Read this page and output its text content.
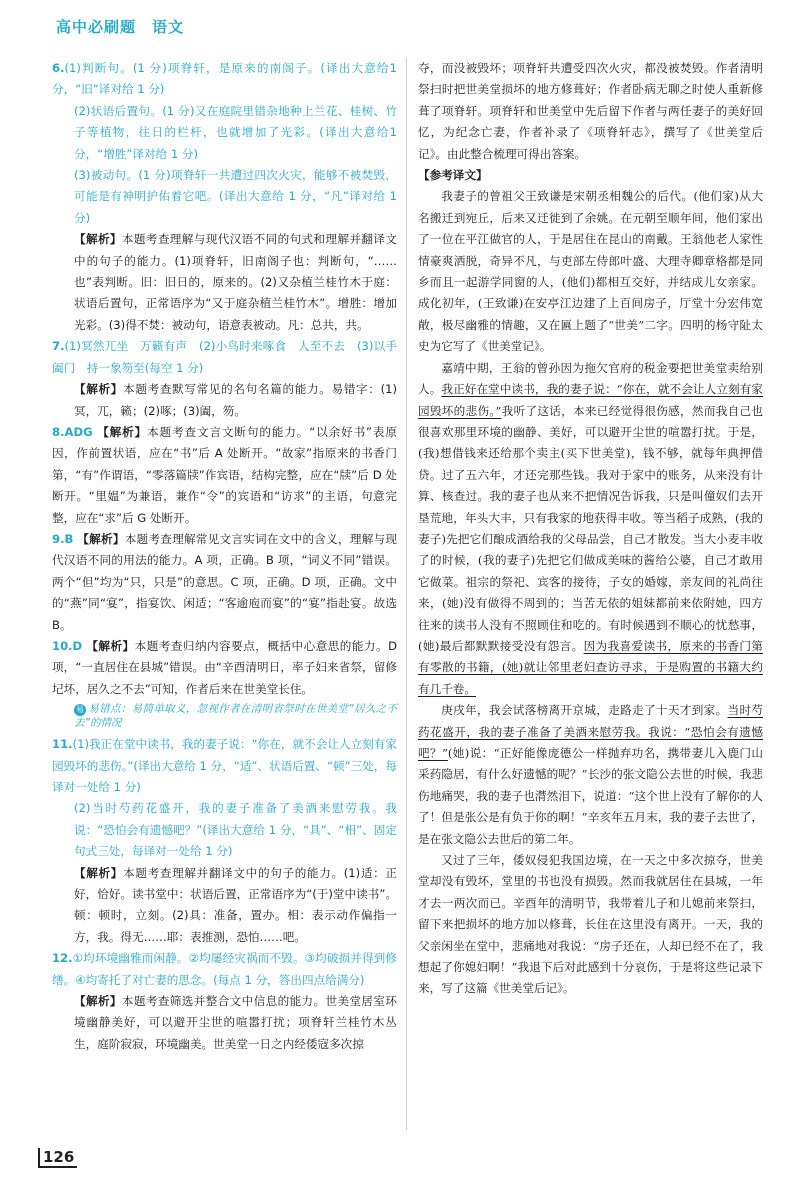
高中必刷题　语文

6.(1)判断句。(1 分)项脊轩，是原来的南阁子。(译出大意给1 分，“旧”译对给 1 分)

(2)状语后置句。(1 分)又在庭院里错杂地种上兰花、桂树、竹子等植物，往日的栏杆，也就增加了光彩。(译出大意给1 分，“增胜”译对给 1 分)

(3)被动句。(1 分)项脊轩一共遭过四次火灾，能够不被焚毁，可能是有神明护佑着它吧。(译出大意给 1 分，“凡”译对给 1 分)

【解析】本题考查理解与现代汉语不同的句式和理解并翻译文中的句子的能力。(1)项脊轩，旧南阁子也：判断句，“……也”表判断。旧：旧日的，原来的。(2)又杂植兰桂竹木于庭：状语后置句，正常语序为“又于庭杂植兰桂竹木”。增胜：增加光彩。(3)得不焚：被动句，语意表被动。凡：总共，共。

7.(1)冥然兀坐　万籁有声　(2)小鸟时来啄食　人至不去　(3)以手阖门　持一象笏至(每空 1 分)

【解析】本题考查默写常见的名句名篇的能力。易错字：(1)冥，兀，籁；(2)啄；(3)阖，笏。

8.ADG 【解析】本题考查文言文断句的能力。“以余好书”表原因，作前置状语，应在“书”后 A 处断开。“故家”指原来的书香门第，“有”作谓语，“零落篇牍”作宾语，结构完整，应在“牍”后 D 处断开。“里媪”为兼语，兼作“令”的宾语和“访求”的主语，句意完整，应在“求”后 G 处断开。

9.B 【解析】本题考查理解常见文言实词在文中的含义，理解与现代汉语不同的用法的能力。A 项，正确。B 项，“词义不同”错误。两个“但”均为“只，只是”的意思。C 项，正确。D 项，正确。文中的“燕”同“宴”，指宴饮、闲适；“客逾庖而宴”的“宴”指赴宴。故选 B。

10.D 【解析】本题考查归纳内容要点，概括中心意思的能力。D 项，“一直居住在县城”错误。由“辛酉清明日，率子妇来省祭，留修圮坏，居久之不去”可知，作者后来在世美堂长住。

易 易错点：易简单取义，忽视作者在清明省祭时在世美堂“居久之不去”的情况

11.(1)我正在堂中读书，我的妻子说：“你在，就不会让人立刻有家园毁坏的悲伤。”(译出大意给 1 分，“适”、状语后置、“顿”三处，每译对一处给 1 分)

(2)当时芍药花盛开，我的妻子准备了美酒来慰劳我。我说：“恐怕会有遗憾吧？”(译出大意给 1 分，“具”、“相”、固定句式三处，每译对一处给 1 分)

【解析】本题考查理解并翻译文中的句子的能力。(1)适：正好，恰好。读书堂中：状语后置，正常语序为“(于)堂中读书”。顿：顿时，立刻。(2)具：准备，置办。相：表示动作偏指一方，我。得无……耶：表推测，恐怕……吧。

12.①均环境幽雅而闲静。②均屡经灾祸而不毁。③均破损并得到修缮。④均寄托了对亡妻的思念。(每点 1 分，答出四点给满分)

【解析】本题考查筛选并整合文中信息的能力。世美堂居室环境幽静美好，可以避开尘世的喧嚣打扰；项脊轩兰桂竹木丛生，庭阶寂寂，环境幽美。世美堂一日之内经倭寇多次掠

夺，而没被毁坏；项脊轩共遭受四次火灾，都没被焚毁。作者清明祭扫时把世美堂损坏的地方修葺好；作者卧病无聊之时使人重新修葺了项脊轩。项脊轩和世美堂中先后留下作者与两任妻子的美好回忆，为纪念亡妻，作者补录了《项脊轩志》，撰写了《世美堂后记》。由此整合梳理可得出答案。

【参考译文】

我妻子的曾祖父王致谦是宋朝丞相魏公的后代。(他们家)从大名搬迁到宛丘，后来又迁徙到了余姚。在元朝至顺年间，他们家出了一位在平江做官的人，于是居住在昆山的南戴。王翁他老人家性情豪爽洒脱，奇异不凡，与吏部左侍郎叶盛、大理寺卿章格都是同乡而且一起游学同窗的人，(他们)都相互交好，并结成儿女亲家。成化初年，(王致谦)在安亭江边建了上百间房子，厅堂十分宏伟宽敞，极尽幽雅的情趣，又在匾上题了“世美”二字。四明的杨守阯太史为它写了《世美堂记》。

嘉靖中期，王翁的曾孙因为拖欠官府的税金要把世美堂卖给别人。我正好在堂中读书，我的妻子说：“你在，就不会让人立刻有家园毁坏的悲伤。”我听了这话，本来已经觉得很伤感，然而我自己也很喜欢那里环境的幽静、美好，可以避开尘世的喧嚣打扰。于是，(我)想借钱来还给那个卖主(买下世美堂)，钱不够，就每年典押借贷。过了五六年，才还完那些钱。我对于家中的账务，从来没有计算、核查过。我的妻子也从来不把情况告诉我，只是叫僮奴们去开垦荒地，年头大丰，只有我家的地获得丰收。等当稻子成熟，(我的妻子)先把它们酿成酒给我的父母品尝，自己才散发。当大小麦丰收了的时候，(我的妻子)先把它们做成美味的酱给公婆，自己才敢用它做菜。祖宗的祭祀、宾客的接待，子女的婚嫁，亲友间的礼尚往来，(她)没有做得不周到的；当苦无依的姐妹都前来依附她，四方往来的读书人没有不照顾住和吃的。有时候遇到不顺心的忧愁事，(她)最后都默默接受没有怨言。因为我喜爱读书，原来的书香门第有零散的书籍，(她)就让邻里老妇查访寻求，于是购置的书籍大约有几千卷。

庚戌年，我会试落榜离开京城，走路走了十天才到家。当时芍药花盛开，我的妻子准备了美酒来慰劳我。我说：“恐怕会有遗憾吧？”(她)说：“正好能像庞德公一样抛弃功名，携带妻儿入鹿门山采药隐居，有什么好遗憾的呢？”长沙的张文隐公去世的时候，我悲伤地痛哭，我的妻子也潸然泪下，说道：“这个世上没有了解你的人了！但是张公是有负于你的啊！”辛亥年五月末，我的妻子去世了，是在张文隐公去世后的第二年。

又过了三年，倭奴侵犯我国边境，在一天之中多次掠夺，世美堂却没有毁坏，堂里的书也没有损毁。然而我就居住在县城，一年才去一两次而已。辛酉年的清明节，我带着儿子和儿媳前来祭扫，留下来把损坏的地方加以修葺，长住在这里没有离开。一天，我的父亲闲坐在堂中，悲痛地对我说：“房子还在，人却已经不在了，我想起了你媳妇啊！”我退下后对此感到十分哀伤，于是将这些记录下来，写了这篇《世美堂后记》。

126
